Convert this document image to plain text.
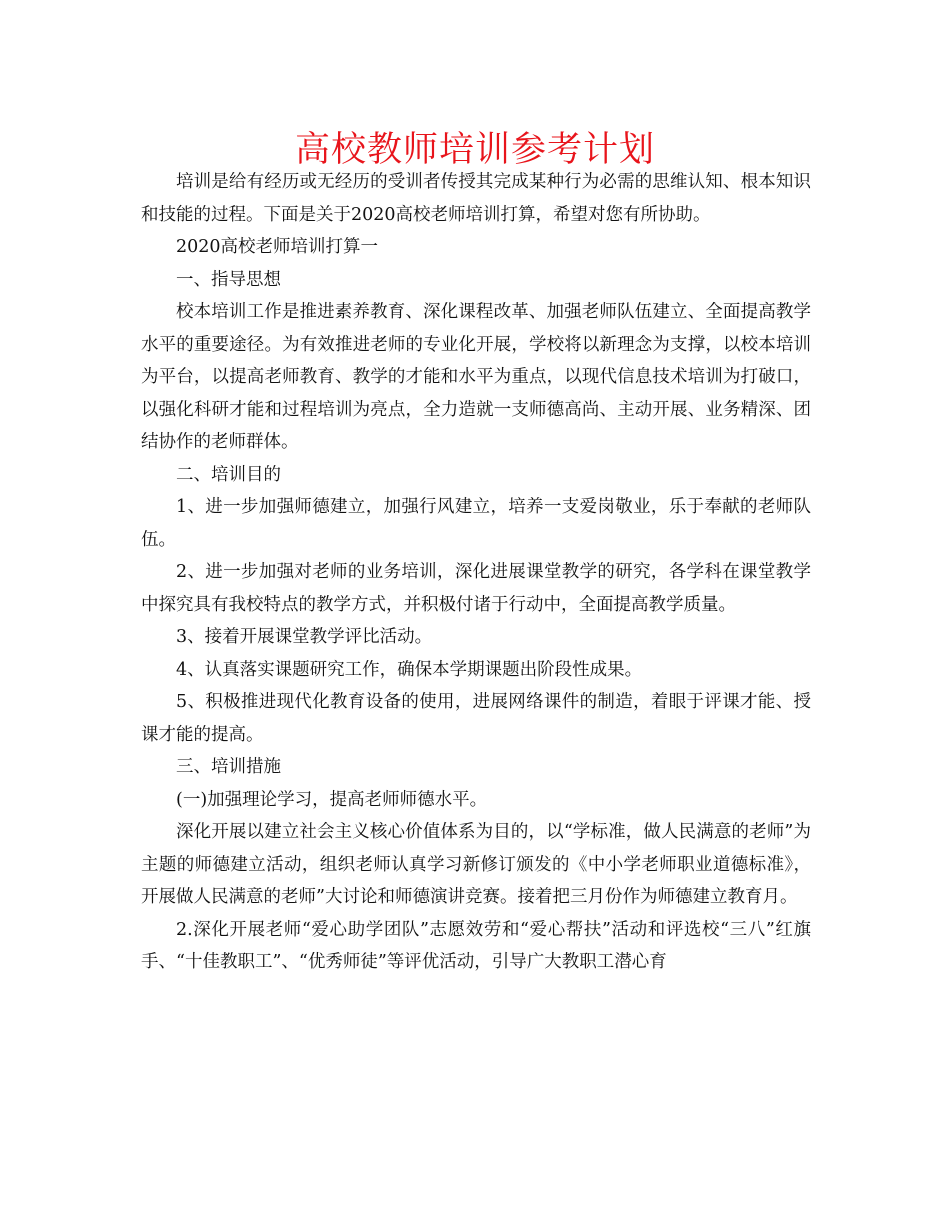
高校教师培训参考计划

培训是给有经历或无经历的受训者传授其完成某种行为必需的思维认知、根本知识和技能的过程。下面是关于2020高校老师培训打算，希望对您有所协助。

2020高校老师培训打算一

一、指导思想

校本培训工作是推进素养教育、深化课程改革、加强老师队伍建立、全面提高教学水平的重要途径。为有效推进老师的专业化开展，学校将以新理念为支撑，以校本培训为平台，以提高老师教育、教学的才能和水平为重点，以现代信息技术培训为打破口，以强化科研才能和过程培训为亮点，全力造就一支师德高尚、主动开展、业务精深、团结协作的老师群体。

二、培训目的

1、进一步加强师德建立，加强行风建立，培养一支爱岗敬业，乐于奉献的老师队伍。

2、进一步加强对老师的业务培训，深化进展课堂教学的研究，各学科在课堂教学中探究具有我校特点的教学方式，并积极付诸于行动中，全面提高教学质量。

3、接着开展课堂教学评比活动。

4、认真落实课题研究工作，确保本学期课题出阶段性成果。

5、积极推进现代化教育设备的使用，进展网络课件的制造，着眼于评课才能、授课才能的提高。

三、培训措施

(一)加强理论学习，提高老师师德水平。

深化开展以建立社会主义核心价值体系为目的，以“学标准，做人民满意的老师”为主题的师德建立活动，组织老师认真学习新修订颁发的《中小学老师职业道德标准》，开展做人民满意的老师”大讨论和师德演讲竞赛。接着把三月份作为师德建立教育月。

2.深化开展老师“爱心助学团队”志愿效劳和“爱心帮扶”活动和评选校“三八”红旗手、“十佳教职工”、“优秀师徒”等评优活动，引导广大教职工潜心育
